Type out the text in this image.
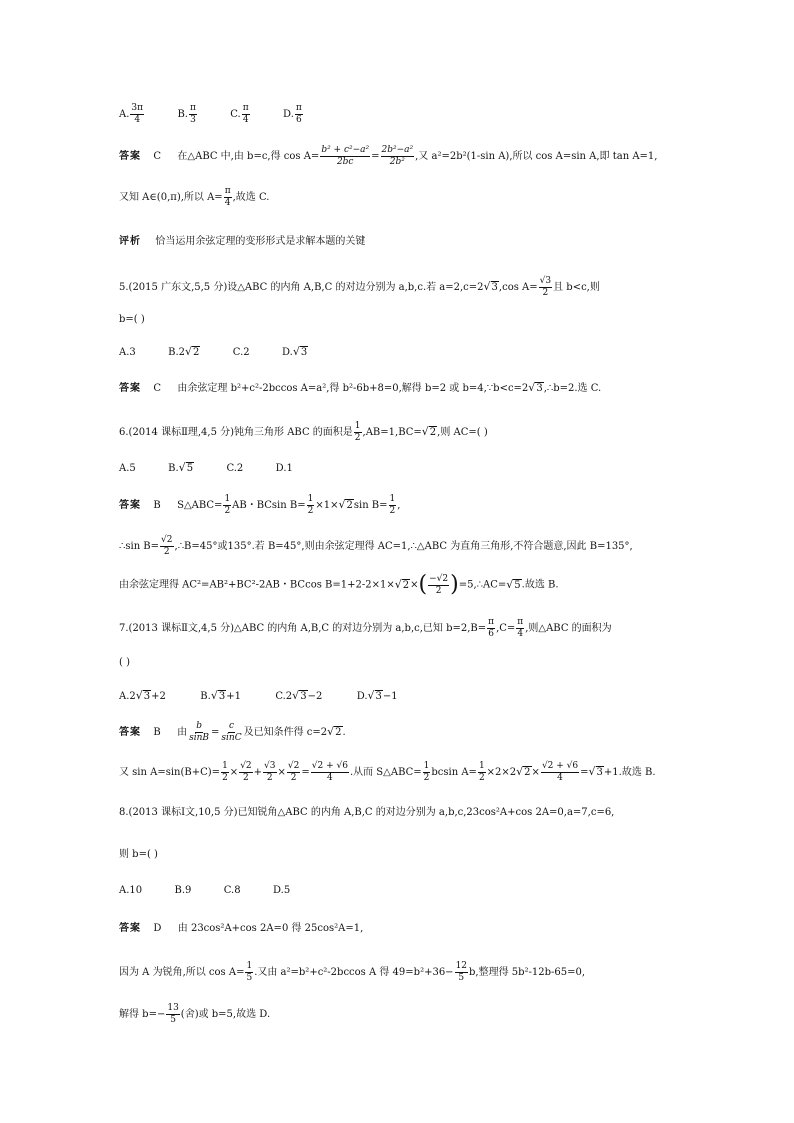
A. $\frac{3\pi}{4}$	B. $\frac{\pi}{3}$	C. $\frac{\pi}{4}$	D. $\frac{\pi}{6}$
答案 C 在△ABC 中,由 b=c,得 $\cos A= \frac{\text{b² + c²−a²}}{2bc} = \frac{\text{2b²−a²}}{\text{2b²}}$ ,又 a²=2b²(1-sin A),所以 cos A=sin A,即 tan A=1,
又知 A∈(0,π),所以 $A= \frac{\pi}{4}$ ,故选 C.
评析 恰当运用余弦定理的变形形式是求解本题的关键
5.(2015 广东文,5,5 分)设△ABC 的内角 A,B,C 的对边分别为 a,b,c.若 a=2,c=2√3,cos $A= \frac{√3}{2}$ 且 b<c,则
b=( )
A.3	B.2√2	C.2	D.√3
答案 C 由余弦定理 b²+c²-2bccos A=a²,得 b²-6b+8=0,解得 b=2 或 b=4,∵b<c=2√3,∴b=2.选 C.
6.(2014 课标Ⅱ理,4,5 分)钝角三角形 ABC 的面积是 $\frac{1}{2} ,AB=1,BC=√2$,则 AC=( )
A.5	B.√5	C.2	D.1
答案 B S△ABC= $\frac{1}{2}$ AB・BCsin $B= \frac{1}{2} \times 1\times√2\sin$ $B= \frac{1}{2}$ ,
∴sin $B= \frac{√2}{2}$ ,∴B=45°或135°.若 B=45°,则由余弦定理得 AC=1,∴△ABC 为直角三角形,不符合题意,因此 B=135°,
由余弦定理得 AC²=AB²+BC²-2AB・BCcos $B=1+2-2\times 1\times√2\times( \frac{-√2}{2}$ )=5,∴AC=√5.故选 B.
7.(2013 课标Ⅱ文,4,5 分)△ABC 的内角 A,B,C 的对边分别为 a,b,c,已知 $b=2,B= \frac{\pi}{6} ,C= \frac{\pi}{4}$ ,则△ABC 的面积为
( )
A.2√3+2	B.√3+1	C.2√3−2	D.√3−1
答案 B 由 $\frac{b}{\sin B} = \frac{c}{\sin C}$ 及已知条件得 c=2√2.
又 $\sin A=\sin(B+C)= \frac{1}{2} \times \frac{√2}{2} + \frac{√3}{2} \times \frac{√2}{2} = \frac{√2 + √6}{4}$ .从而 S△ABC= $\frac{1}{2}$ bcsin $A= \frac{1}{2} \times 2\times 2√2\times \frac{√2 + √6}{4} =√3+1$.故选 B.
8.(2013 课标Ⅰ文,10,5 分)已知锐角△ABC 的内角 A,B,C 的对边分别为 a,b,c,23cos²A+cos 2A=0,a=7,c=6,
则 b=( )
A.10	B.9	C.8	D.5
答案 D 由 23cos²A+cos 2A=0 得 25cos²A=1,
因为 A 为锐角,所以 $\cos A= \frac{1}{5}$ .又由 a²=b²+c²-2bccos A 得 $49=b^2+36- \frac{12}{5} b$,整理得 5b²-12b-65=0,
解得 $b=- \frac{13}{5}$ (舍)或 b=5,故选 D.
